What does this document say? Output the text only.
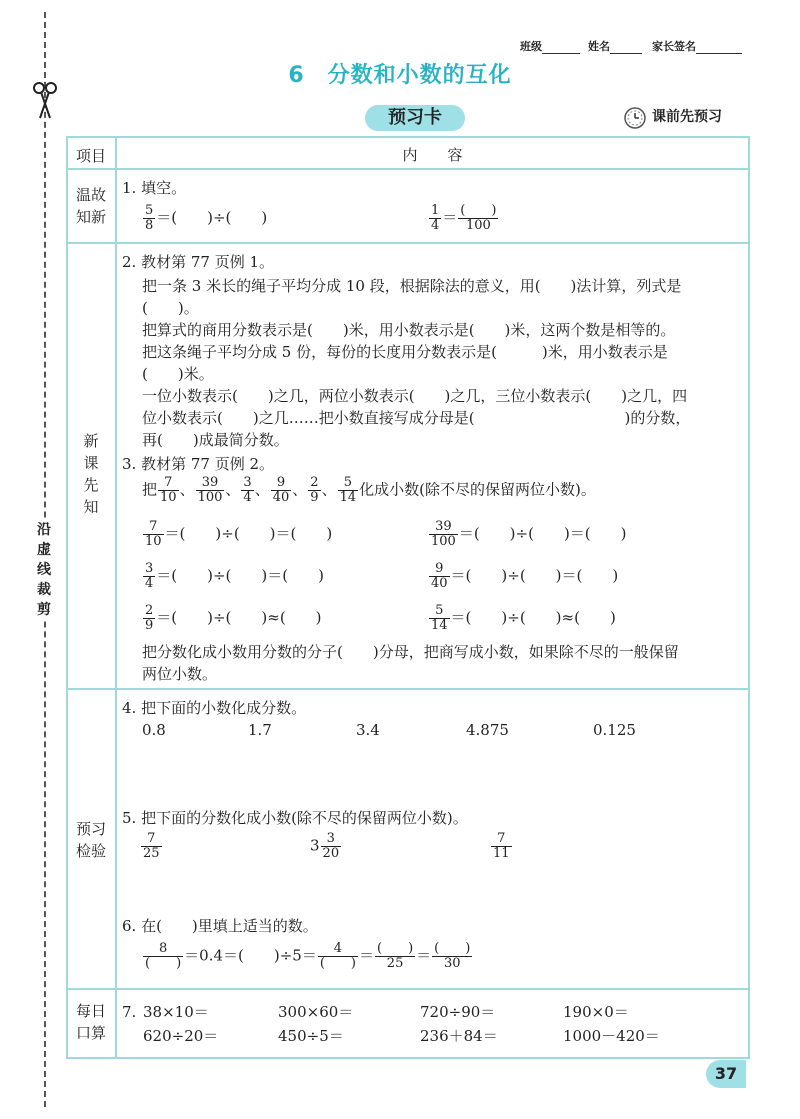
沿虚线裁剪
班级	姓名	家长签名
6　分数和小数的互化
预习卡	课前先预习
项目	内　　容
温故知新
1. 填空。
$\frac{5}{8}$ ＝(　　)÷(　　)	$\frac{1}{4} = \frac{( )}{100}$
新课先知
2. 教材第 77 页例 1。
把一条 3 米长的绳子平均分成 10 段，根据除法的意义，用(　　)法计算，列式是
(　　)。
把算式的商用分数表示是(　　)米，用小数表示是(　　)米，这两个数是相等的。
把这条绳子平均分成 5 份，每份的长度用分数表示是(　　　)米，用小数表示是
(　　)米。
一位小数表示(　　)之几，两位小数表示(　　)之几，三位小数表示(　　)之几，四
位小数表示(　　)之几……把小数直接写成分母是(　　　　　　　　　　)的分数，
再(　　)成最简分数。
3. 教材第 77 页例 2。
把 $\frac{7}{10}$ 、 $\frac{39}{100}$ 、 $\frac{3}{4}$ 、 $\frac{9}{40}$ 、 $\frac{2}{9}$ 、 $\frac{5}{14}$ 化成小数(除不尽的保留两位小数)。
$\frac{7}{10}$ ＝(　　)÷(　　)＝(　　)	$\frac{39}{100}$ ＝(　　)÷(　　)＝(　　)
$\frac{3}{4}$ ＝(　　)÷(　　)＝(　　)	$\frac{9}{40}$ ＝(　　)÷(　　)＝(　　)
$\frac{2}{9}$ ＝(　　)÷(　　)≈(　　)	$\frac{5}{14}$ ＝(　　)÷(　　)≈(　　)
把分数化成小数用分数的分子(　　)分母，把商写成小数，如果除不尽的一般保留
两位小数。
预习检验
4. 把下面的小数化成分数。
0.8	1.7	3.4	4.875	0.125
5. 把下面的分数化成小数(除不尽的保留两位小数)。
$\frac{7}{25}$	$3 \frac{3}{20}$	$\frac{7}{11}$
6. 在(　　)里填上适当的数。
$\frac{8}{( )} =0.4=$(　　)$\div 5= \frac{4}{( )} = \frac{( )}{25} = \frac{( )}{30}$
每日口算
7. 38×10＝	300×60＝	720÷90＝	190×0＝
620÷20＝	450÷5＝	236＋84＝	1000－420＝
37
